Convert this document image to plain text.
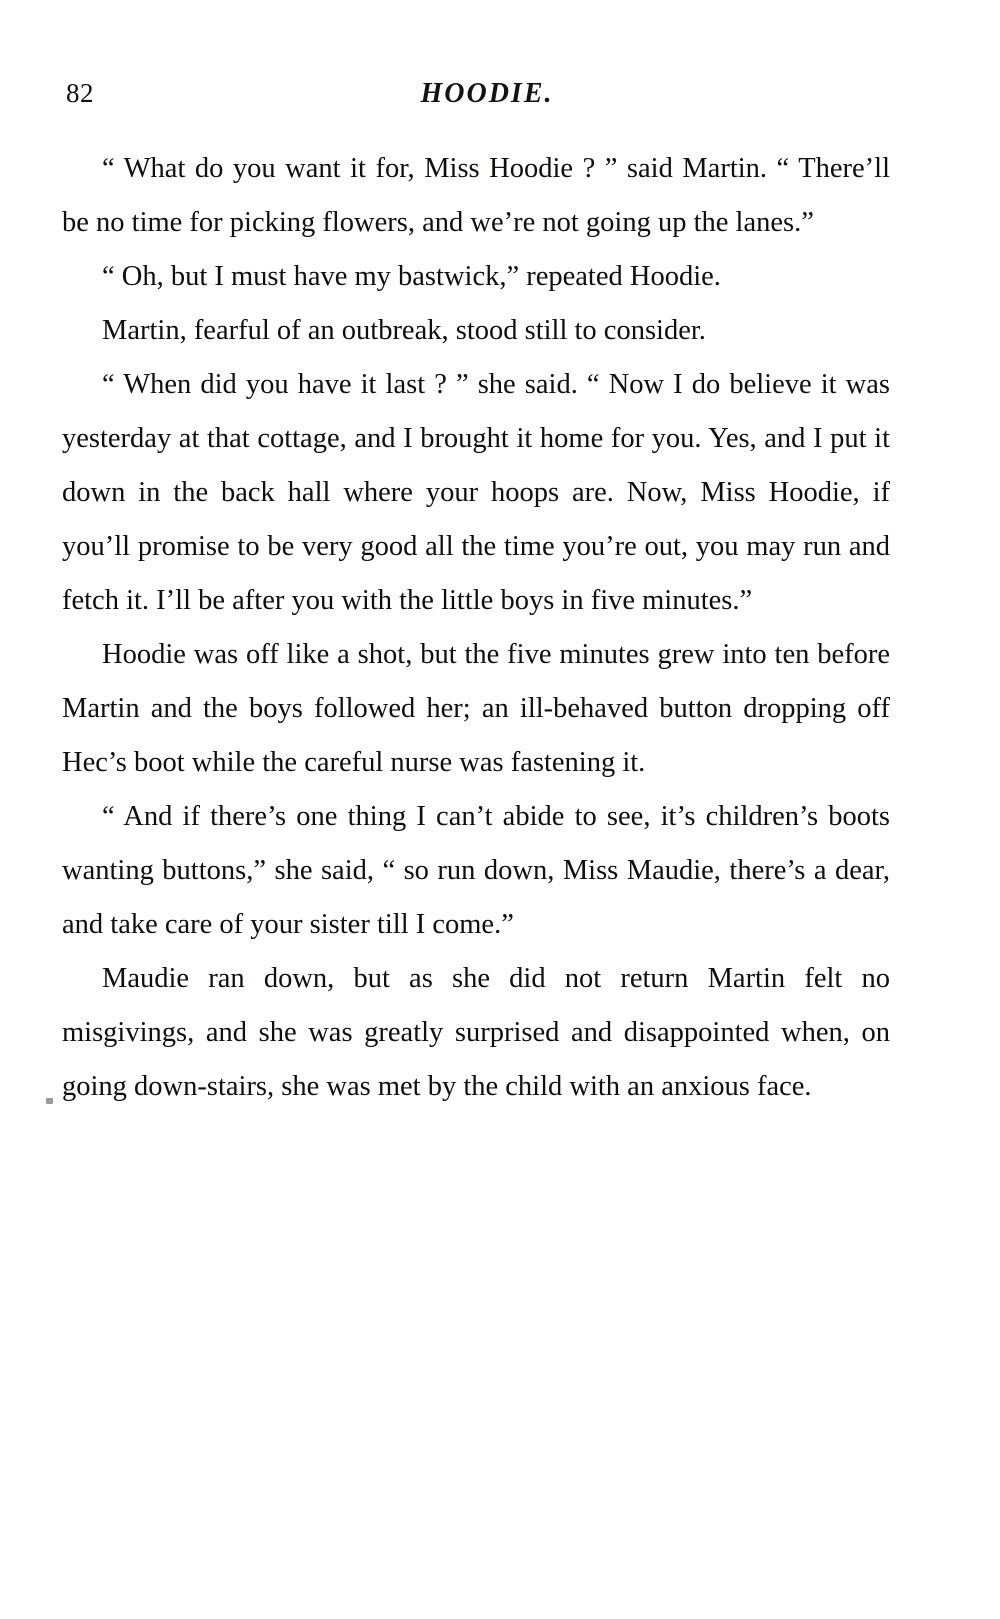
82	HOODIE.

“ What do you want it for, Miss Hoodie ? ” said Martin. “ There’ll be no time for picking flowers, and we’re not going up the lanes.”

“ Oh, but I must have my bastwick,” repeated Hoodie.

Martin, fearful of an outbreak, stood still to consider.

“ When did you have it last ? ” she said. “ Now I do believe it was yesterday at that cottage, and I brought it home for you. Yes, and I put it down in the back hall where your hoops are. Now, Miss Hoodie, if you’ll promise to be very good all the time you’re out, you may run and fetch it. I’ll be after you with the little boys in five minutes.”

Hoodie was off like a shot, but the five minutes grew into ten before Martin and the boys followed her; an ill-behaved button dropping off Hec’s boot while the careful nurse was fastening it.

“ And if there’s one thing I can’t abide to see, it’s children’s boots wanting buttons,” she said, “ so run down, Miss Maudie, there’s a dear, and take care of your sister till I come.”

Maudie ran down, but as she did not return Martin felt no misgivings, and she was greatly surprised and disappointed when, on going down-stairs, she was met by the child with an anxious face.
